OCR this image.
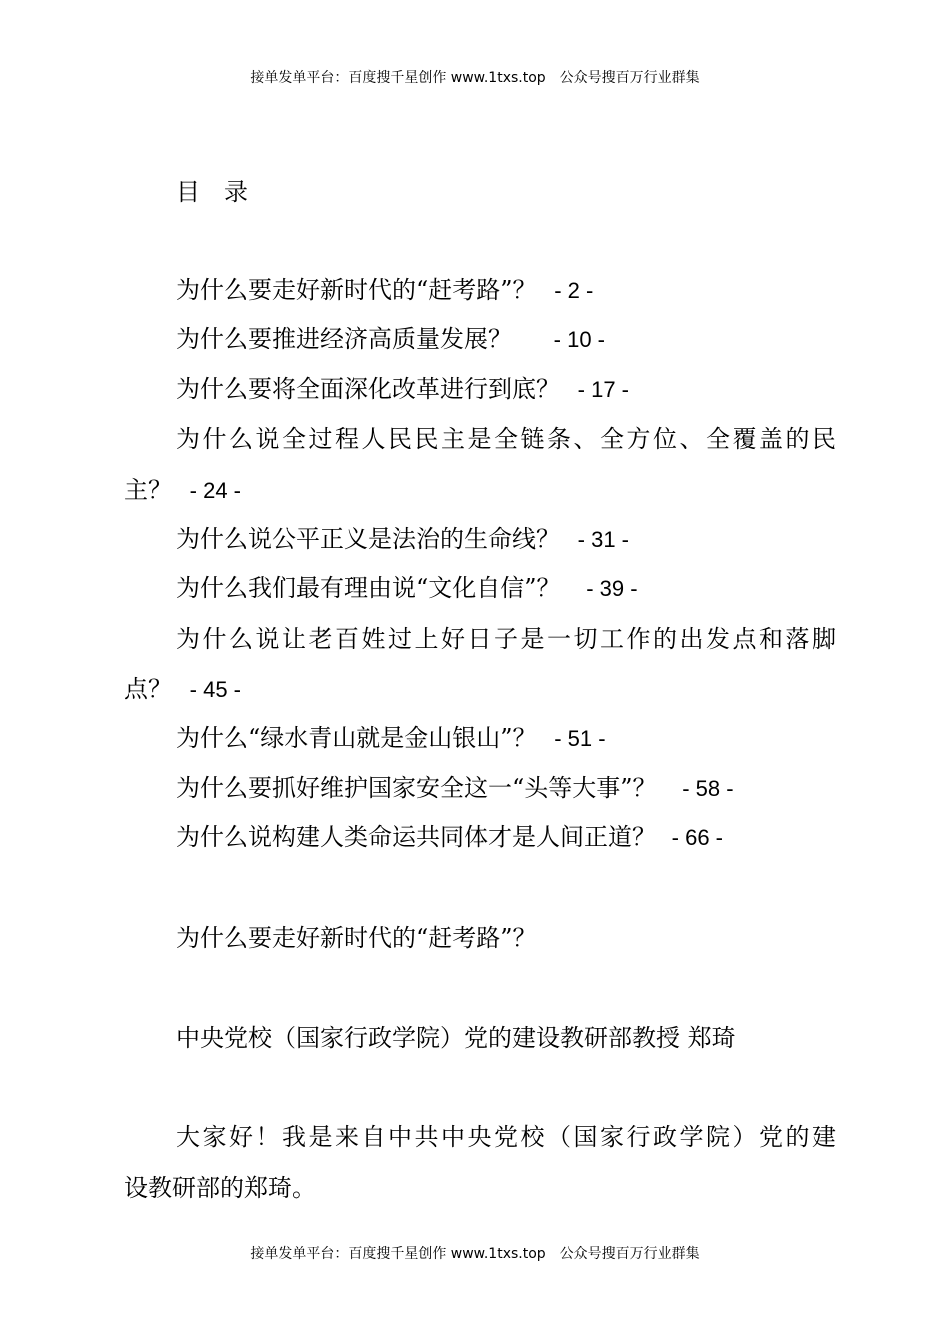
接单发单平台：百度搜千星创作 www.1txs.top　公众号搜百万行业群集
目　录
为什么要走好新时代的“赶考路”？ - 2 -
为什么要推进经济高质量发展？ - 10 -
为什么要将全面深化改革进行到底？ - 17 -
为什么说全过程人民民主是全链条、全方位、全覆盖的民
主？ - 24 -
为什么说公平正义是法治的生命线？ - 31 -
为什么我们最有理由说“文化自信”？ - 39 -
为什么说让老百姓过上好日子是一切工作的出发点和落脚
点？ - 45 -
为什么“绿水青山就是金山银山”？ - 51 -
为什么要抓好维护国家安全这一“头等大事”？ - 58 -
为什么说构建人类命运共同体才是人间正道？ - 66 -
为什么要走好新时代的“赶考路”？
中央党校（国家行政学院）党的建设教研部教授 郑琦
大家好！我是来自中共中央党校（国家行政学院）党的建
设教研部的郑琦。
接单发单平台：百度搜千星创作 www.1txs.top　公众号搜百万行业群集
